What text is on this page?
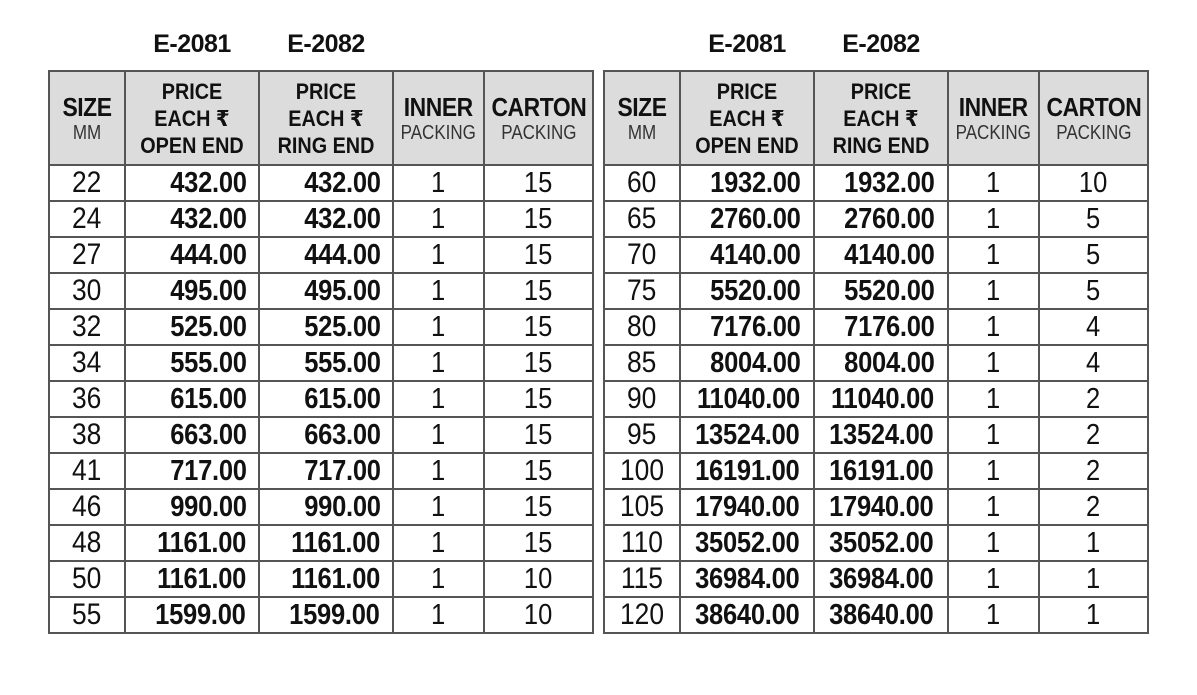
E-2081	E-2082
SIZE
MM	PRICE
EACH ₹
OPEN END	PRICE
EACH ₹
RING END	INNER
PACKING	CARTON
PACKING

22	432.00	432.00	1	15
24	432.00	432.00	1	15
27	444.00	444.00	1	15
30	495.00	495.00	1	15
32	525.00	525.00	1	15
34	555.00	555.00	1	15
36	615.00	615.00	1	15
38	663.00	663.00	1	15
41	717.00	717.00	1	15
46	990.00	990.00	1	15
48	1161.00	1161.00	1	15
50	1161.00	1161.00	1	10
55	1599.00	1599.00	1	10
E-2081	E-2082
SIZE
MM	PRICE
EACH ₹
OPEN END	PRICE
EACH ₹
RING END	INNER
PACKING	CARTON
PACKING

60	1932.00	1932.00	1	10
65	2760.00	2760.00	1	5
70	4140.00	4140.00	1	5
75	5520.00	5520.00	1	5
80	7176.00	7176.00	1	4
85	8004.00	8004.00	1	4
90	11040.00	11040.00	1	2
95	13524.00	13524.00	1	2
100	16191.00	16191.00	1	2
105	17940.00	17940.00	1	2
110	35052.00	35052.00	1	1
115	36984.00	36984.00	1	1
120	38640.00	38640.00	1	1
